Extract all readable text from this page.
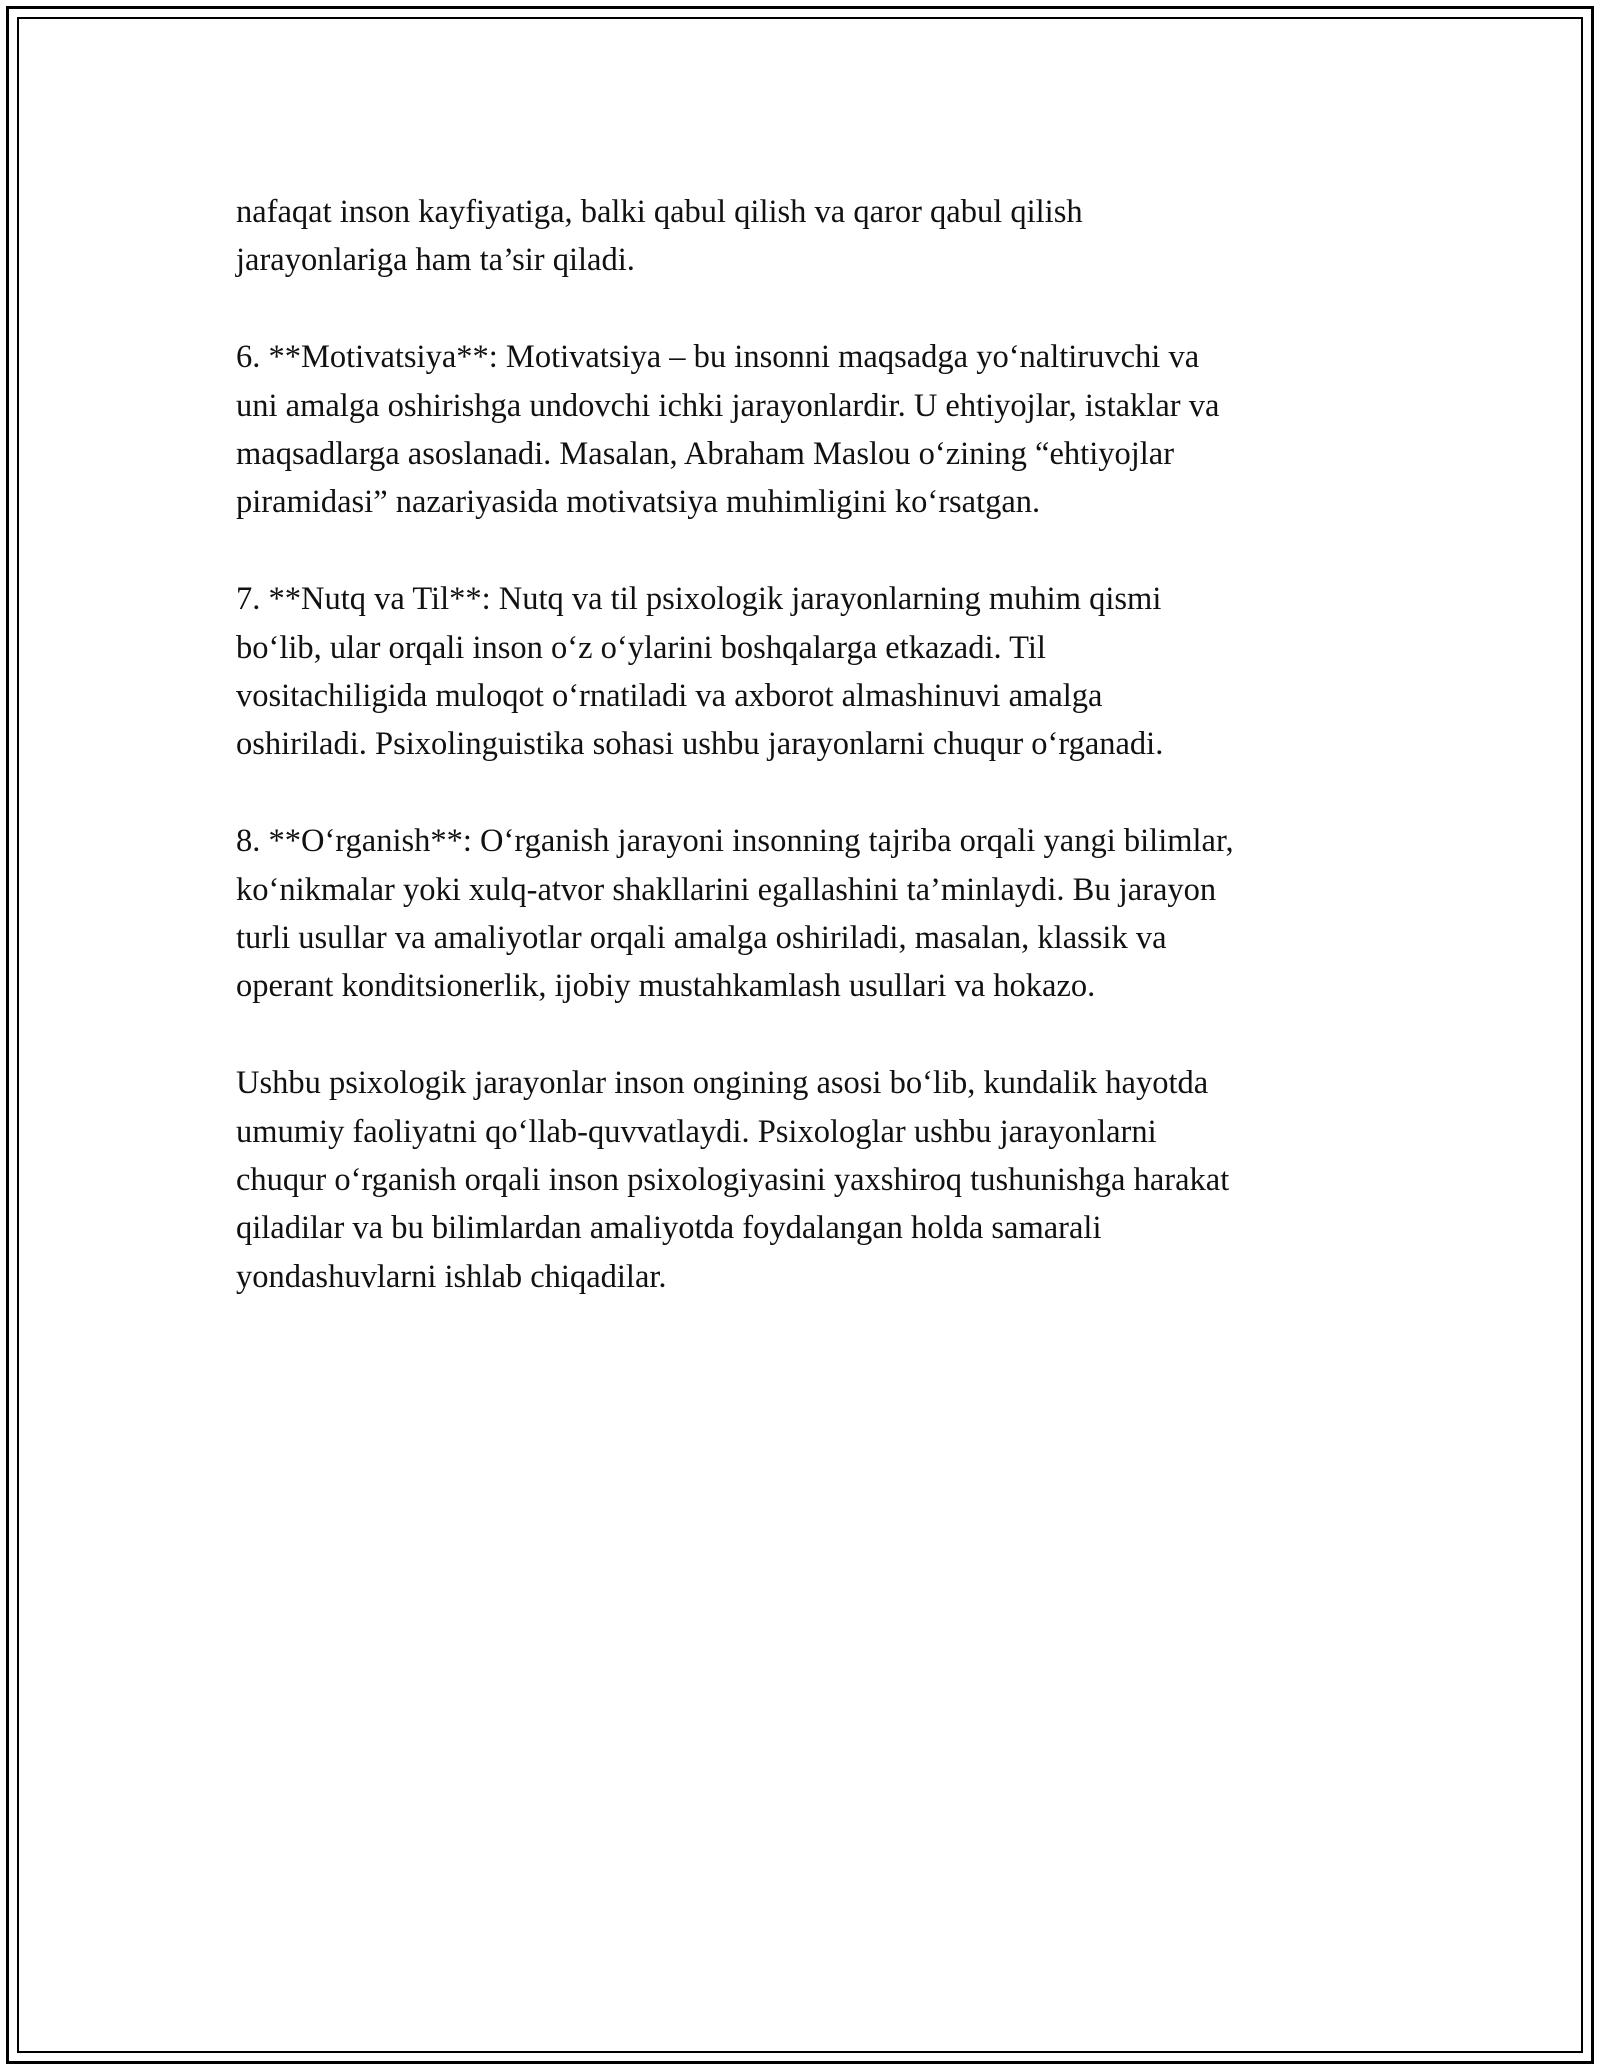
nafaqat inson kayfiyatiga, balki qabul qilish va qaror qabul qilish
jarayonlariga ham ta’sir qiladi.

6. **Motivatsiya**: Motivatsiya – bu insonni maqsadga yoʻnaltiruvchi va
uni amalga oshirishga undovchi ichki jarayonlardir. U ehtiyojlar, istaklar va
maqsadlarga asoslanadi. Masalan, Abraham Maslou oʻzining “ehtiyojlar
piramidasi” nazariyasida motivatsiya muhimligini koʻrsatgan.

7. **Nutq va Til**: Nutq va til psixologik jarayonlarning muhim qismi
boʻlib, ular orqali inson oʻz oʻylarini boshqalarga etkazadi. Til
vositachiligida muloqot oʻrnatiladi va axborot almashinuvi amalga
oshiriladi. Psixolinguistika sohasi ushbu jarayonlarni chuqur oʻrganadi.

8. **Oʻrganish**: Oʻrganish jarayoni insonning tajriba orqali yangi bilimlar,
koʻnikmalar yoki xulq-atvor shakllarini egallashini ta’minlaydi. Bu jarayon
turli usullar va amaliyotlar orqali amalga oshiriladi, masalan, klassik va
operant konditsionerlik, ijobiy mustahkamlash usullari va hokazo.

Ushbu psixologik jarayonlar inson ongining asosi boʻlib, kundalik hayotda
umumiy faoliyatni qoʻllab-quvvatlaydi. Psixologlar ushbu jarayonlarni
chuqur oʻrganish orqali inson psixologiyasini yaxshiroq tushunishga harakat
qiladilar va bu bilimlardan amaliyotda foydalangan holda samarali
yondashuvlarni ishlab chiqadilar.
